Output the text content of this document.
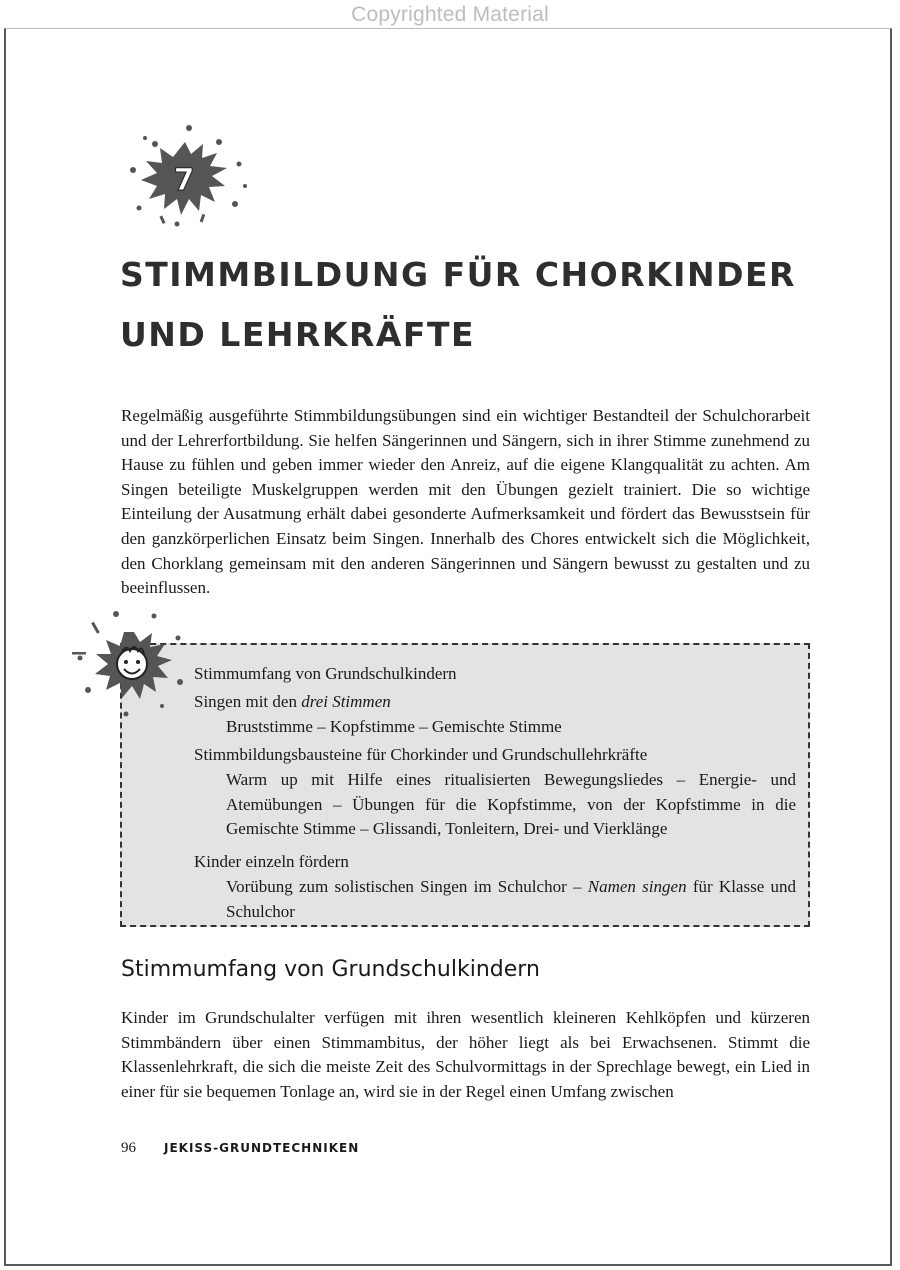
Copyrighted Material
7
STIMMBILDUNG FÜR CHORKINDER UND LEHRKRÄFTE

Regelmäßig ausgeführte Stimmbildungsübungen sind ein wichtiger Bestandteil der Schulchorarbeit und der Lehrerfortbildung. Sie helfen Sängerinnen und Sängern, sich in ihrer Stimme zunehmend zu Hause zu fühlen und geben immer wieder den Anreiz, auf die eigene Klangqualität zu achten. Am Singen beteiligte Muskelgruppen werden mit den Übungen gezielt trainiert. Die so wichtige Einteilung der Ausatmung erhält dabei gesonderte Aufmerksamkeit und fördert das Bewusstsein für den ganzkörperlichen Einsatz beim Singen. Innerhalb des Chores entwickelt sich die Möglichkeit, den Chorklang gemeinsam mit den anderen Sängerinnen und Sängern bewusst zu gestalten und zu beeinflussen.

Stimmumfang von Grundschulkindern

Singen mit den drei Stimmen

Bruststimme – Kopfstimme – Gemischte Stimme

Stimmbildungsbausteine für Chorkinder und Grundschullehrkräfte

Warm up mit Hilfe eines ritualisierten Bewegungsliedes – Energie- und Atemübungen – Übungen für die Kopfstimme, von der Kopfstimme in die Gemischte Stimme – Glissandi, Tonleitern, Drei- und Vierklänge

Kinder einzeln fördern

Vorübung zum solistischen Singen im Schulchor – Namen singen für Klasse und Schulchor

Stimmumfang von Grundschulkindern

Kinder im Grundschulalter verfügen mit ihren wesentlich kleineren Kehlköpfen und kürzeren Stimmbändern über einen Stimmambitus, der höher liegt als bei Erwachsenen. Stimmt die Klassenlehrkraft, die sich die meiste Zeit des Schulvormittags in der Sprechlage bewegt, ein Lied in einer für sie bequemen Tonlage an, wird sie in der Regel einen Umfang zwischen

96 JEKISS-GRUNDTECHNIKEN
